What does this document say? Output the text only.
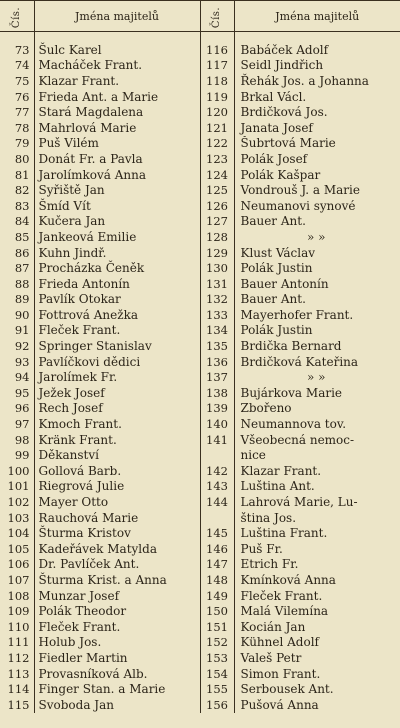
Čís.	Jména majitelů	Čís.	Jména majitelů

73	Šulc Karel	116	Babáček Adolf
74	Macháček Frant.	117	Seidl Jindřich
75	Klazar Frant.	118	Řehák Jos. a Johanna
76	Frieda Ant. a Marie	119	Brkal Václ.
77	Stará Magdalena	120	Brdičková Jos.
78	Mahrlová Marie	121	Janata Josef
79	Puš Vilém	122	Šubrtová Marie
80	Donát Fr. a Pavla	123	Polák Josef
81	Jarolímková Anna	124	Polák Kašpar
82	Syřiště Jan	125	Vondrouš J. a Marie
83	Šmíd Vít	126	Neumanovi synové
84	Kučera Jan	127	Bauer Ant.
85	Jankeová Emilie	128	» »
86	Kuhn Jindř.	129	Klust Václav
87	Procházka Čeněk	130	Polák Justin
88	Frieda Antonín	131	Bauer Antonín
89	Pavlík Otokar	132	Bauer Ant.
90	Fottrová Anežka	133	Mayerhofer Frant.
91	Fleček Frant.	134	Polák Justin
92	Springer Stanislav	135	Brdička Bernard
93	Pavlíčkovi dědici	136	Brdičková Kateřina
94	Jarolímek Fr.	137	» »
95	Ježek Josef	138	Bujárkova Marie
96	Rech Josef	139	Zbořeno
97	Kmoch Frant.	140	Neumannova tov.
98	Kränk Frant.	141	Všeobecná nemoc-
99	Děkanství		nice
100	Gollová Barb.	142	Klazar Frant.
101	Riegrová Julie	143	Luština Ant.
102	Mayer Otto	144	Lahrová Marie, Lu-
103	Rauchová Marie		ština Jos.
104	Šturma Kristov	145	Luština Frant.
105	Kadeřávek Matylda	146	Puš Fr.
106	Dr. Pavlíček Ant.	147	Etrich Fr.
107	Šturma Krist. a Anna	148	Kmínková Anna
108	Munzar Josef	149	Fleček Frant.
109	Polák Theodor	150	Malá Vilemína
110	Fleček Frant.	151	Kocián Jan
111	Holub Jos.	152	Kühnel Adolf
112	Fiedler Martin	153	Valeš Petr
113	Provasníková Alb.	154	Simon Frant.
114	Finger Stan. a Marie	155	Serbousek Ant.
115	Svoboda Jan	156	Pušová Anna
